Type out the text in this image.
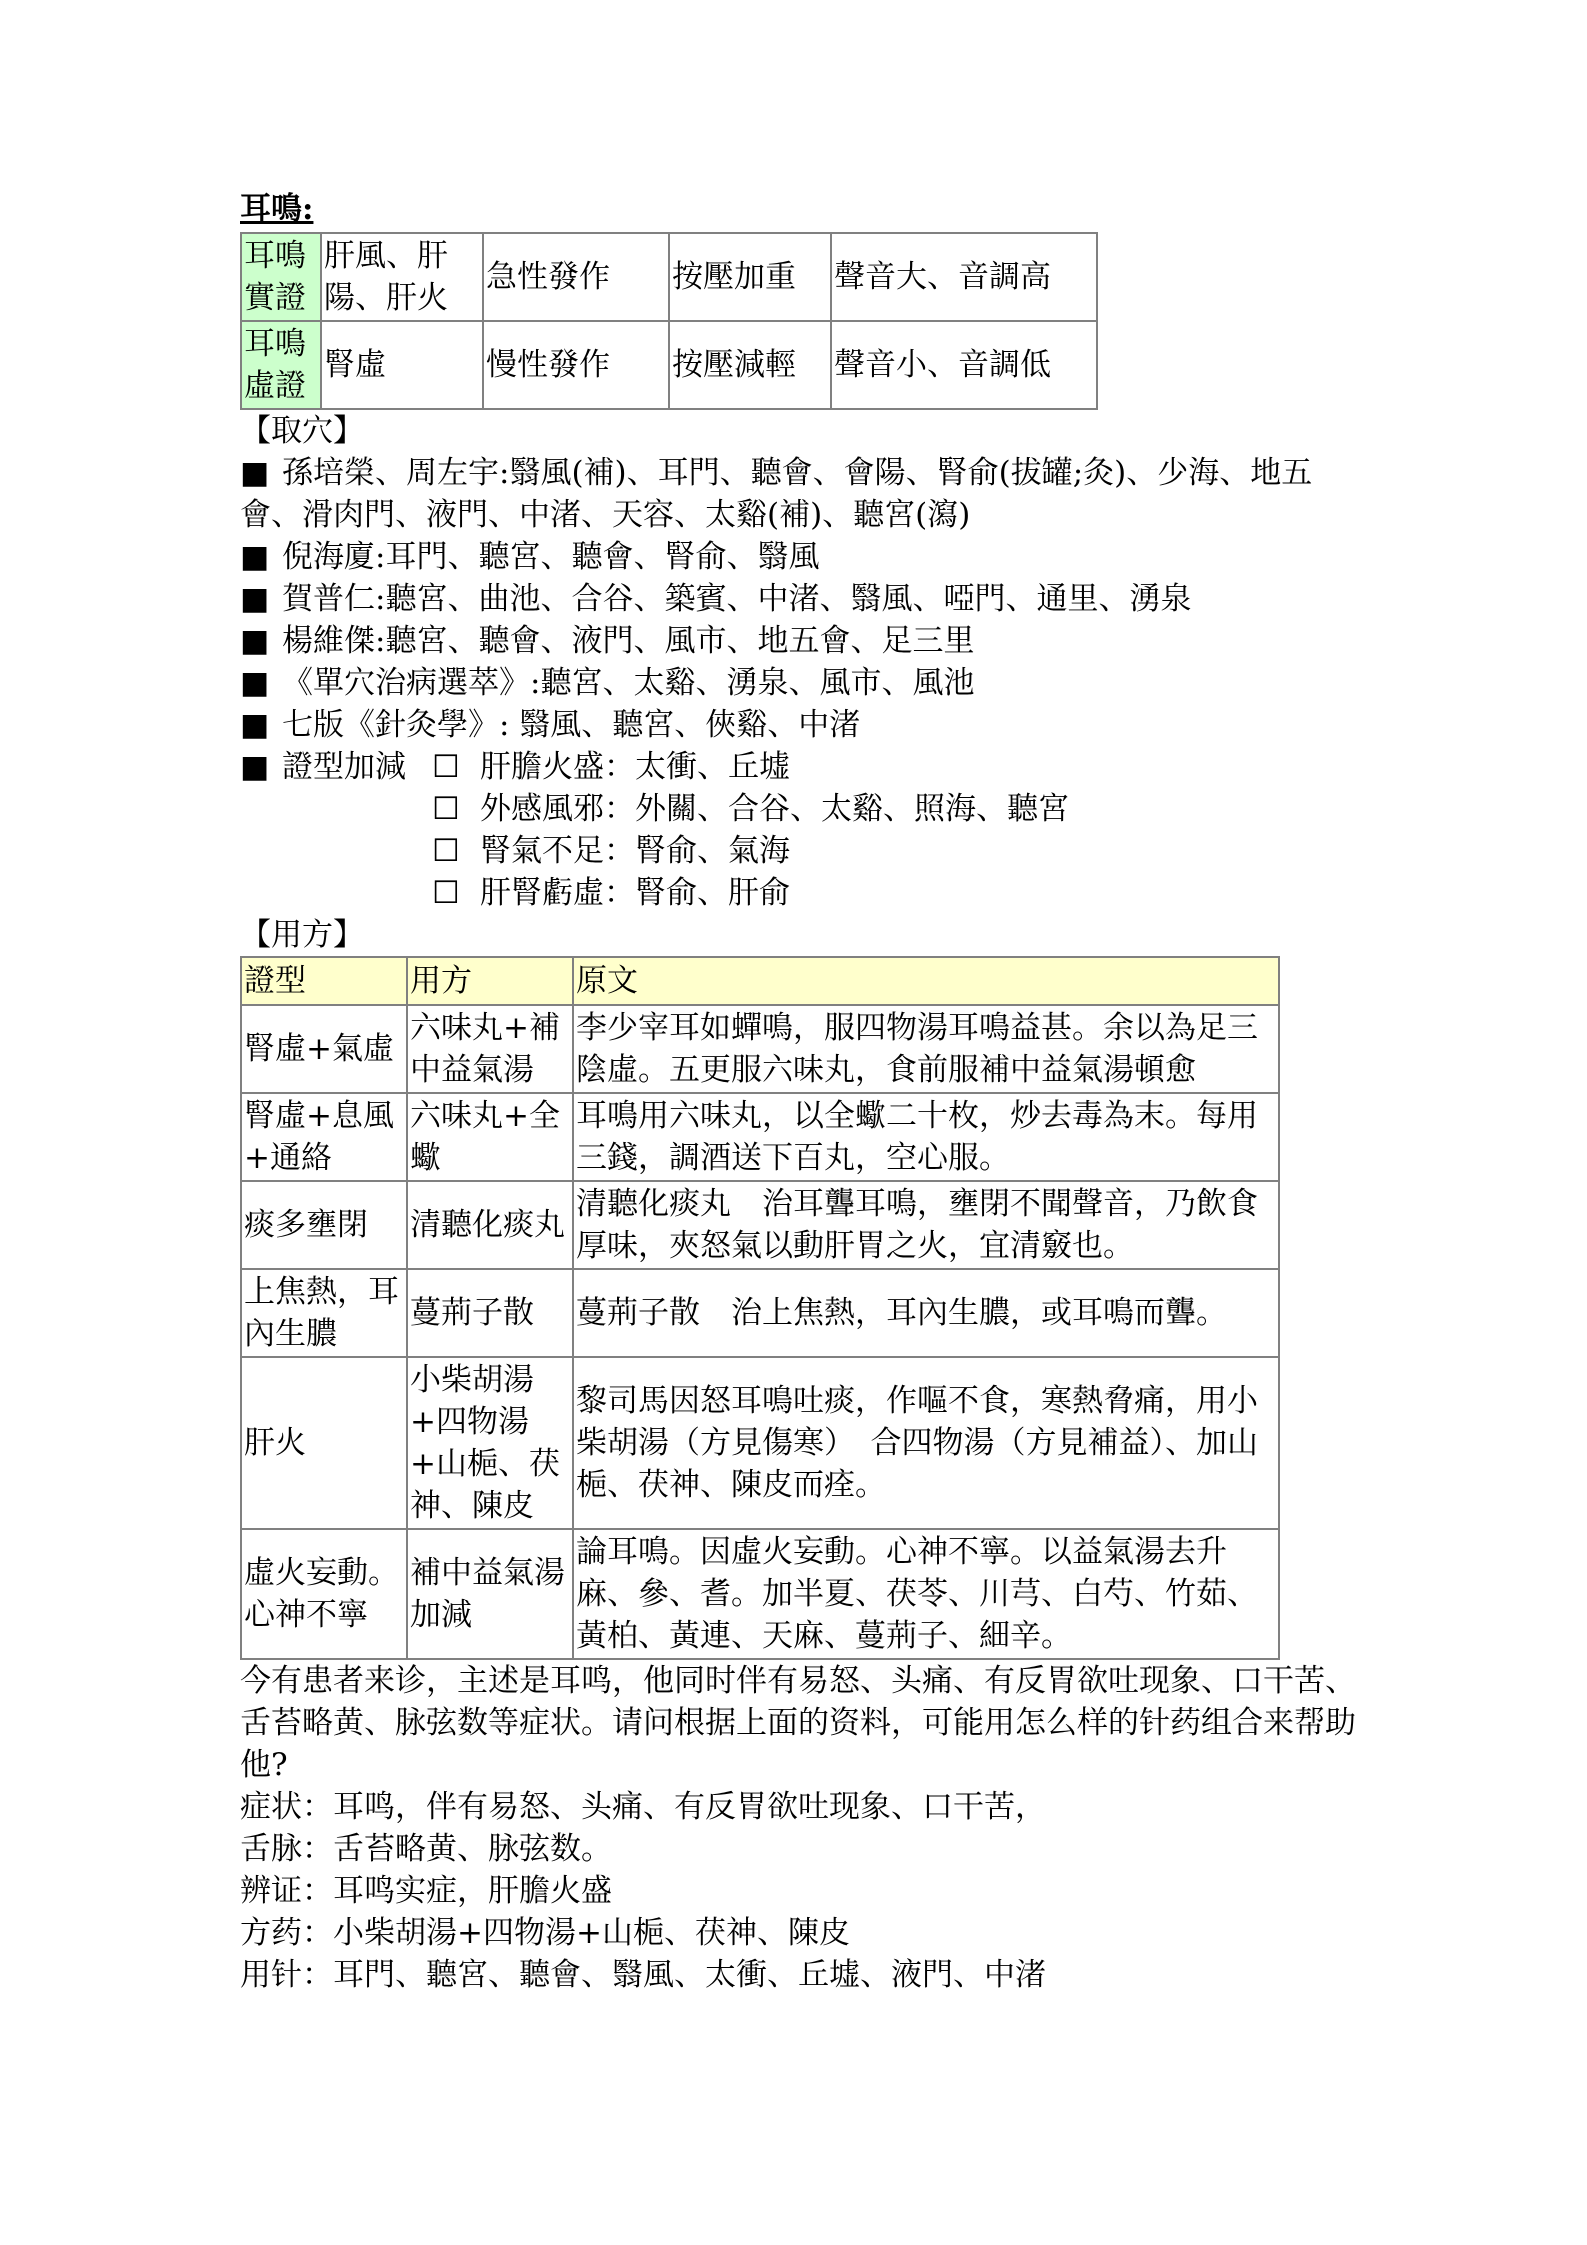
耳鳴:
耳鳴實證	肝風、肝陽、肝火	急性發作	按壓加重	聲音大、音調高
耳鳴虛證	腎虛	慢性發作	按壓減輕	聲音小、音調低
【取穴】
■ 孫培榮、周左宇:翳風(補)、耳門、聽會、會陽、腎俞(拔罐;灸)、少海、地五會、滑肉門、液門、中渚、天容、太谿(補)、聽宮(瀉)
■ 倪海廈:耳門、聽宮、聽會、腎俞、翳風
■ 賀普仁:聽宮、曲池、合谷、築賓、中渚、翳風、啞門、通里、湧泉
■ 楊維傑:聽宮、聽會、液門、風市、地五會、足三里
■ 《單穴治病選萃》:聽宮、太谿、湧泉、風市、風池
■ 七版《針灸學》: 翳風、聽宮、俠谿、中渚
■ 證型加減 ☐ 肝膽火盛：太衝、丘墟
☐ 外感風邪：外關、合谷、太谿、照海、聽宮
☐ 腎氣不足：腎俞、氣海
☐ 肝腎虧虛：腎俞、肝俞
【用方】
證型	用方	原文
腎虛+氣虛	六味丸+補中益氣湯	李少宰耳如蟬鳴，服四物湯耳鳴益甚。余以為足三陰虛。五更服六味丸，食前服補中益氣湯頓愈
腎虛+息風+通絡	六味丸+全蠍	耳鳴用六味丸，以全蠍二十枚，炒去毒為末。每用三錢，調酒送下百丸，空心服。
痰多壅閉	清聽化痰丸	清聽化痰丸　治耳聾耳鳴，壅閉不聞聲音，乃飲食厚味，夾怒氣以動肝胃之火，宜清竅也。
上焦熱，耳內生膿	蔓荊子散	蔓荊子散　治上焦熱，耳內生膿，或耳鳴而聾。
肝火	小柴胡湯+四物湯+山梔、茯神、陳皮	黎司馬因怒耳鳴吐痰，作嘔不食，寒熱脅痛，用小柴胡湯（方見傷寒）　合四物湯（方見補益）、加山梔、茯神、陳皮而痊。
虛火妄動。心神不寧	補中益氣湯加減	論耳鳴。因虛火妄動。心神不寧。以益氣湯去升麻、參、耆。加半夏、茯苓、川芎、白芍、竹茹、黃柏、黃連、天麻、蔓荊子、細辛。
今有患者来诊，主述是耳鸣，他同时伴有易怒、头痛、有反胃欲吐现象、口干苦、舌苔略黄、脉弦数等症状。请问根据上面的资料，可能用怎么样的针药组合来帮助他?
症状：耳鸣，伴有易怒、头痛、有反胃欲吐现象、口干苦，
舌脉：舌苔略黄、脉弦数。
辨证：耳鸣实症，肝膽火盛
方药：小柴胡湯+四物湯+山梔、茯神、陳皮
用针：耳門、聽宮、聽會、翳風、太衝、丘墟、液門、中渚
